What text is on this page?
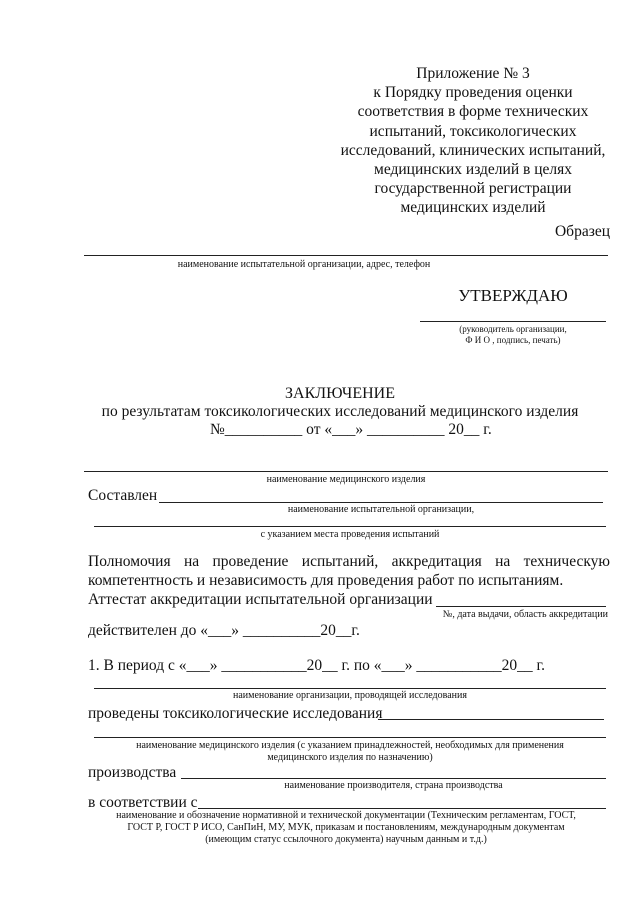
Приложение № 3
к Порядку проведения оценки
соответствия в форме технических
испытаний, токсикологических
исследований, клинических испытаний,
медицинских изделий в целях
государственной регистрации
медицинских изделий
Образец
наименование испытательной организации, адрес, телефон
УТВЕРЖДАЮ
(руководитель организации,
Ф И О , подпись, печать)
ЗАКЛЮЧЕНИЕ
по результатам токсикологических исследований медицинского изделия
№__________ от «___» __________ 20__ г.
наименование медицинского изделия
Составлен
наименование испытательной организации,
с указанием места проведения испытаний
Полномочия на проведение испытаний, аккредитация на техническую компетентность и независимость для проведения работ по испытаниям.
Аттестат аккредитации испытательной организации
№, дата выдачи, область аккредитации
действителен до «___» __________20__г.
1. В период с «___» ___________20__ г. по «___» ___________20__ г.
наименование организации, проводящей исследования
проведены токсикологические исследования
наименование медицинского изделия (с указанием принадлежностей, необходимых для применения
медицинского изделия по назначению)
производства
наименование производителя, страна производства
в соответствии с
наименование и обозначение нормативной и технической документации (Техническим регламентам, ГОСТ,
ГОСТ Р, ГОСТ Р ИСО, СанПиН, МУ, МУК, приказам и постановлениям, международным документам
(имеющим статус ссылочного документа) научным данным и т.д.)
